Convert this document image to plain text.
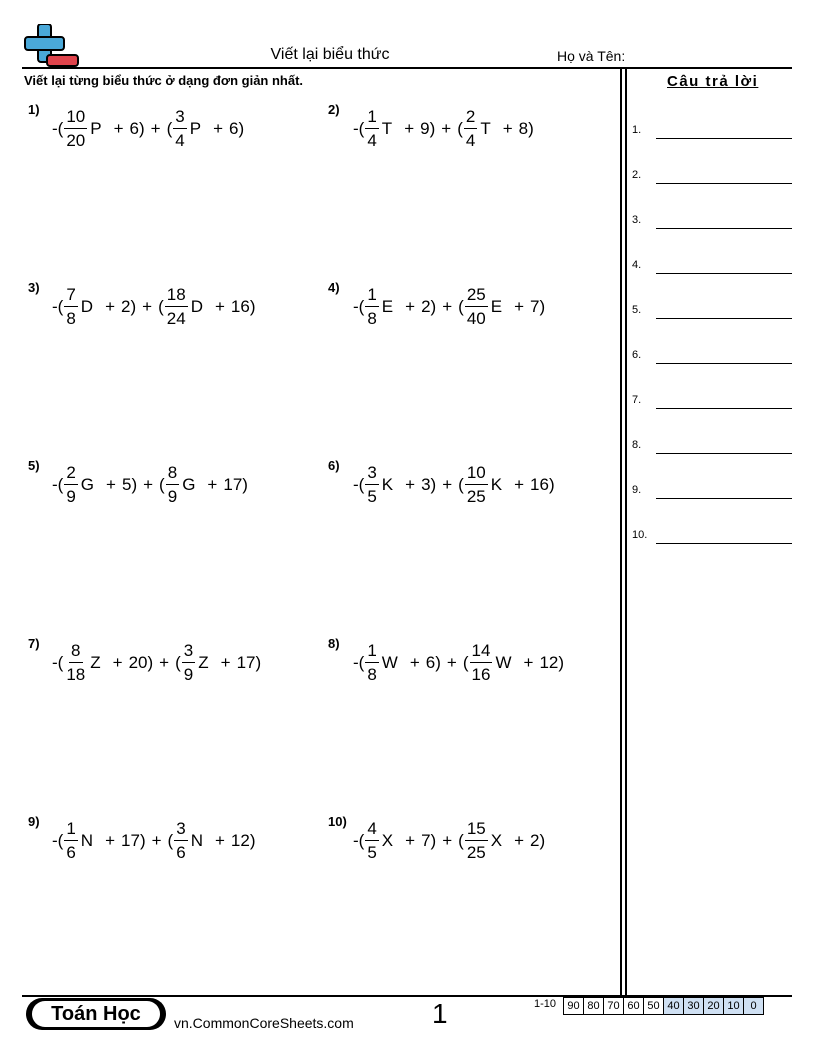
Viết lại biểu thức	Họ và Tên:
Viết lại từng biểu thức ở dạng đơn giản nhất.	Câu trả lời
1.
2.
3.
4.
5.
6.
7.
8.
9.
10.
1)
-( $\frac{10}{20}$ P + 6 ) + ( $\frac{3}{4}$ P + 6 )
2)
-( $\frac{1}{4}$ T + 9 ) + ( $\frac{2}{4}$ T + 8 )
3)
-( $\frac{7}{8}$ D + 2 ) + ( $\frac{18}{24}$ D + 16 )
4)
-( $\frac{1}{8}$ E + 2 ) + ( $\frac{25}{40}$ E + 7 )
5)
-( $\frac{2}{9}$ G + 5 ) + ( $\frac{8}{9}$ G + 17 )
6)
-( $\frac{3}{5}$ K + 3 ) + ( $\frac{10}{25}$ K + 16 )
7)
-( $\frac{8}{18}$ Z + 20 ) + ( $\frac{3}{9}$ Z + 17 )
8)
-( $\frac{1}{8}$ W + 6 ) + ( $\frac{14}{16}$ W + 12 )
9)
-( $\frac{1}{6}$ N + 17 ) + ( $\frac{3}{6}$ N + 12 )
10)
-( $\frac{4}{5}$ X + 7 ) + ( $\frac{15}{25}$ X + 2 )
Toán Học	vn.CommonCoreSheets.com	1	1-10	90 80 70 60 50 40 30 20 10 0
